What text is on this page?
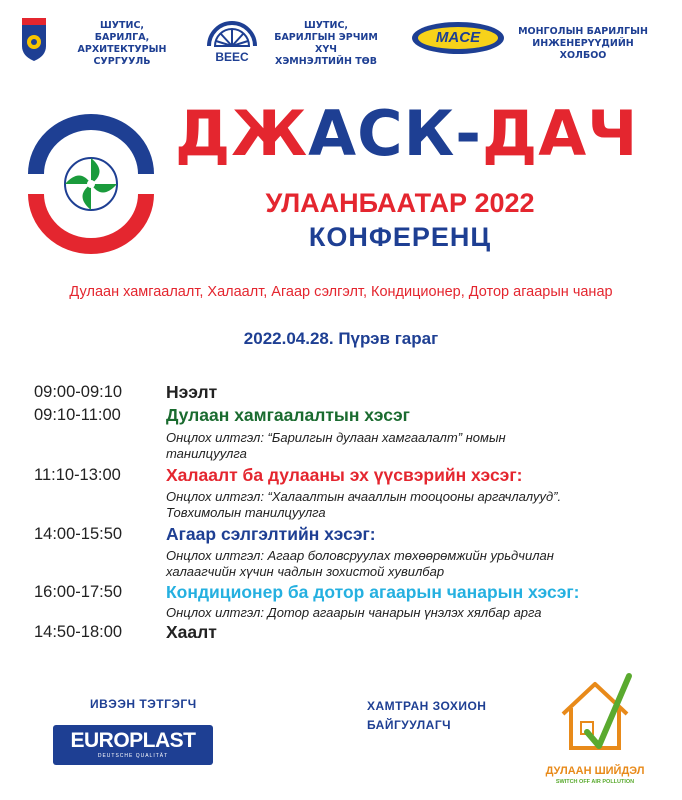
ШУТИС,
БАРИЛГА, АРХИТЕКТУРЫН
СУРГУУЛЬ	BEEC
ШУТИС,
БАРИЛГЫН ЭРЧИМ ХҮЧ
ХЭМНЭЛТИЙН ТӨВ
MACE	МОНГОЛЫН БАРИЛГЫН
ИНЖЕНЕРҮҮДИЙН ХОЛБОО
ДЖАСК-ДАЧ
УЛААНБААТАР 2022
КОНФЕРЕНЦ
Дулаан хамгаалалт, Халаалт, Агаар сэлгэлт, Кондиционер, Дотор агаарын чанар
2022.04.28. Пүрэв гараг
09:00-09:10	Нээлт
09:10-11:00	Дулаан хамгаалалтын хэсэг
Онцлох илтгэл: “Барилгын дулаан хамгаалалт” номын
танилцуулга
11:10-13:00	Халаалт ба дулааны эх үүсвэрийн хэсэг:
Онцлох илтгэл: “Халаалтын ачааллын тооцооны аргачлалууд”.
Товхимолын танилцуулга
14:00-15:50	Агаар сэлгэлтийн хэсэг:
Онцлох илтгэл: Агаар боловсруулах төхөөрөмжийн урьдчилан
халаагчийн хүчин чадлын зохистой хувилбар
16:00-17:50	Кондиционер ба дотор агаарын чанарын хэсэг:
Онцлох илтгэл: Дотор агаарын чанарын үнэлэх хялбар арга
14:50-18:00	Хаалт
ИВЭЭН ТЭТГЭГЧ
EUROPLAST
DEUTSCHE QUALITÄT
ХАМТРАН ЗОХИОН
БАЙГУУЛАГЧ
ДУЛААН ШИЙДЭЛ
SWITCH OFF AIR POLLUTION
